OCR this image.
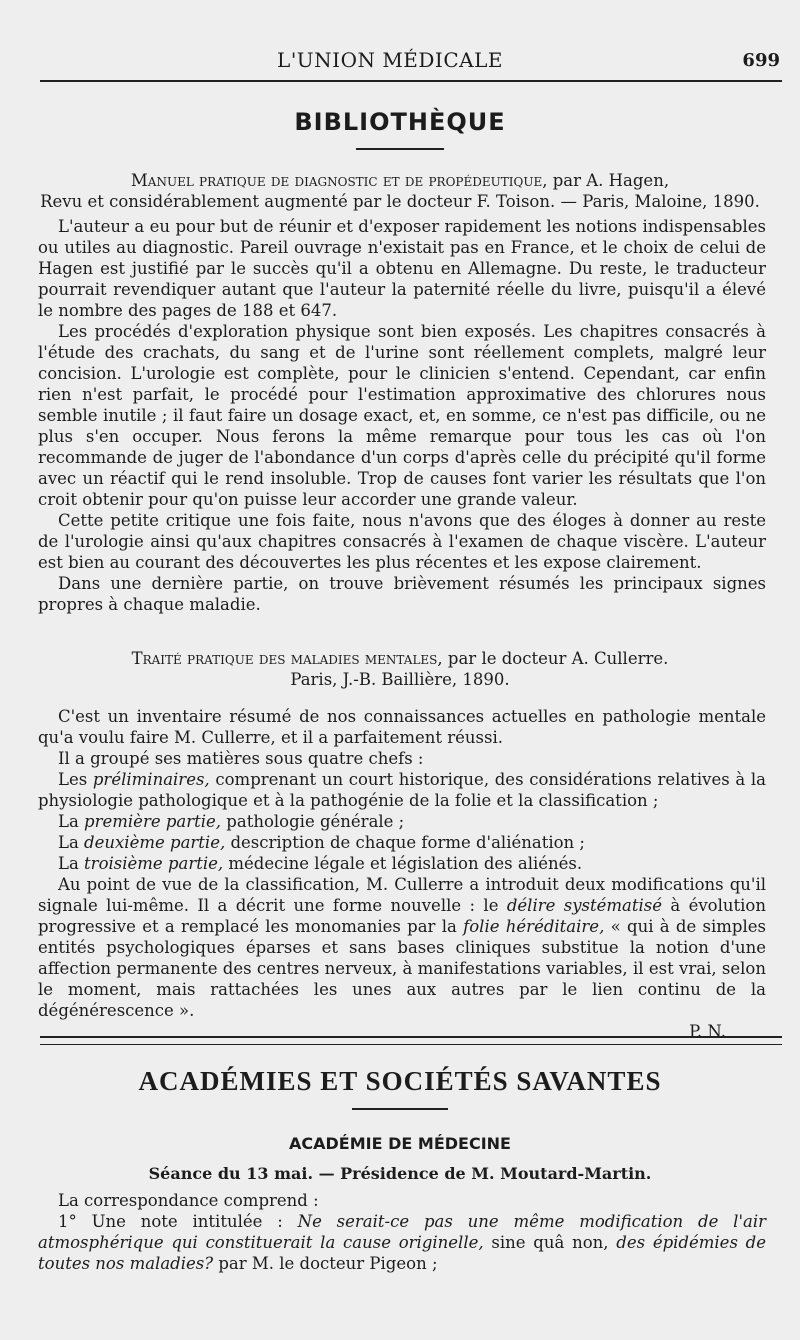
L'UNION MÉDICALE	699
BIBLIOTHÈQUE
Manuel pratique de diagnostic et de propédeutique, par A. Hagen,
Revu et considérablement augmenté par le docteur F. Toison. — Paris, Maloine, 1890.

L'auteur a eu pour but de réunir et d'exposer rapidement les notions indispensables ou utiles au diagnostic. Pareil ouvrage n'existait pas en France, et le choix de celui de Hagen est justifié par le succès qu'il a obtenu en Allemagne. Du reste, le traducteur pourrait revendiquer autant que l'auteur la paternité réelle du livre, puisqu'il a élevé le nombre des pages de 188 et 647.

Les procédés d'exploration physique sont bien exposés. Les chapitres consacrés à l'étude des crachats, du sang et de l'urine sont réellement complets, malgré leur concision. L'urologie est complète, pour le clinicien s'entend. Cependant, car enfin rien n'est parfait, le procédé pour l'estimation approximative des chlorures nous semble inutile ; il faut faire un dosage exact, et, en somme, ce n'est pas difficile, ou ne plus s'en occuper. Nous ferons la même remarque pour tous les cas où l'on recommande de juger de l'abondance d'un corps d'après celle du précipité qu'il forme avec un réactif qui le rend insoluble. Trop de causes font varier les résultats que l'on croit obtenir pour qu'on puisse leur accorder une grande valeur.

Cette petite critique une fois faite, nous n'avons que des éloges à donner au reste de l'urologie ainsi qu'aux chapitres consacrés à l'examen de chaque viscère. L'auteur est bien au courant des découvertes les plus récentes et les expose clairement.

Dans une dernière partie, on trouve brièvement résumés les principaux signes propres à chaque maladie.

Traité pratique des maladies mentales, par le docteur A. Cullerre.
Paris, J.-B. Baillière, 1890.

C'est un inventaire résumé de nos connaissances actuelles en pathologie mentale qu'a voulu faire M. Cullerre, et il a parfaitement réussi.

Il a groupé ses matières sous quatre chefs :

Les préliminaires, comprenant un court historique, des considérations relatives à la physiologie pathologique et à la pathogénie de la folie et la classification ;

La première partie, pathologie générale ;

La deuxième partie, description de chaque forme d'aliénation ;

La troisième partie, médecine légale et législation des aliénés.

Au point de vue de la classification, M. Cullerre a introduit deux modifications qu'il signale lui-même. Il a décrit une forme nouvelle : le délire systématisé à évolution progressive et a remplacé les monomanies par la folie héréditaire, « qui à de simples entités psychologiques éparses et sans bases cliniques substitue la notion d'une affection permanente des centres nerveux, à manifestations variables, il est vrai, selon le moment, mais rattachées les unes aux autres par le lien continu de la dégénérescence ».

P. N.

ACADÉMIES ET SOCIÉTÉS SAVANTES
ACADÉMIE DE MÉDECINE
Séance du 13 mai. — Présidence de M. Moutard-Martin.

La correspondance comprend :

1° Une note intitulée : Ne serait-ce pas une même modification de l'air atmosphérique qui constituerait la cause originelle, sine quâ non, des épidémies de toutes nos maladies? par M. le docteur Pigeon ;
